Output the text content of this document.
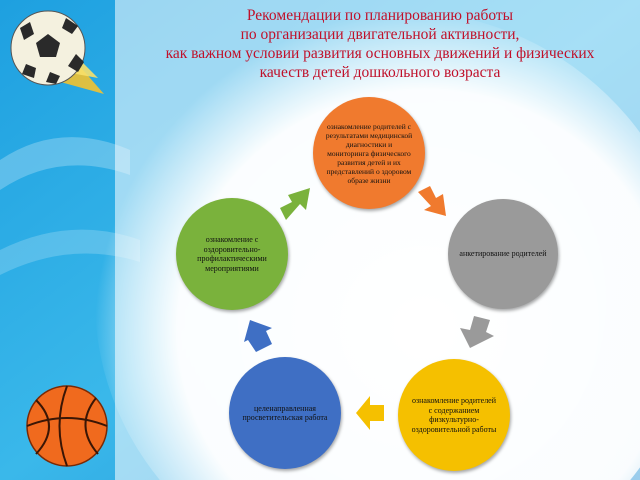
Рекомендации по планированию работы
по организации двигательной активности,
как важном условии развития основных движений и физических
качеств детей дошкольного возраста
ознакомление родителей с результатами медицинской диагностики и мониторинга физического развития детей и их представлений о здоровом образе жизни
анкетирование родителей
ознакомление родителей с содержанием физкультурно-оздоровительной работы
целенаправленная просветительская работа
ознакомление с оздоровительно-профилактическими мероприятиями
